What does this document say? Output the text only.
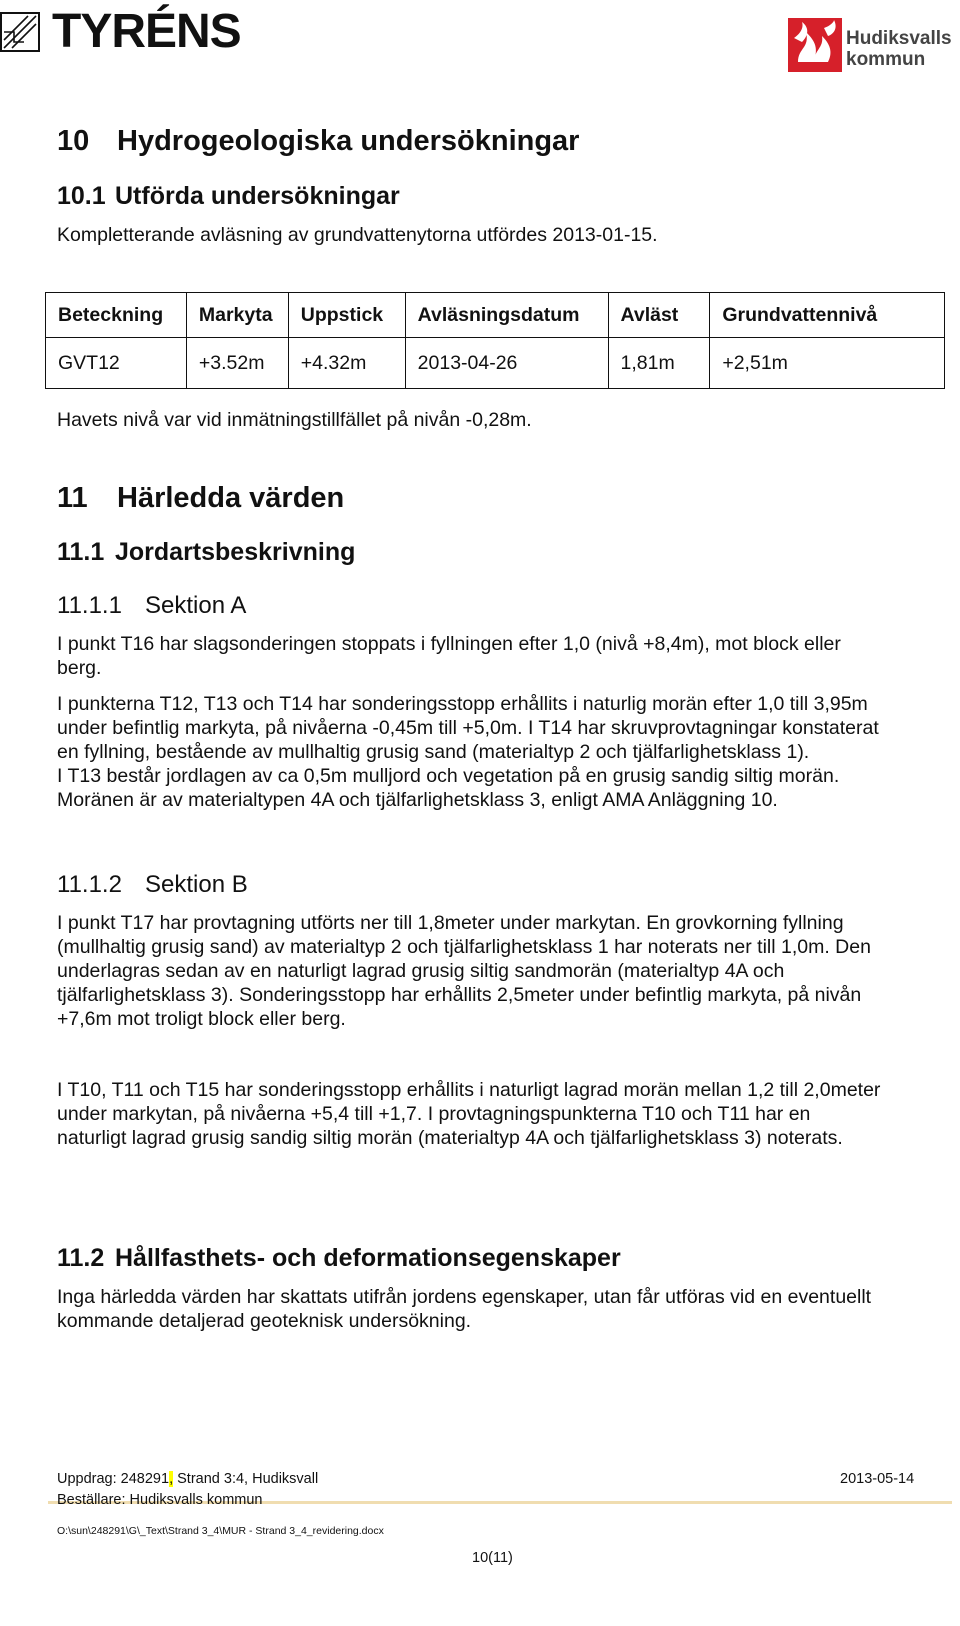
TYRÉNS	Hudiksvalls
kommun
10 Hydrogeologiska undersökningar
10.1 Utförda undersökningar
Kompletterande avläsning av grundvattenytorna utfördes 2013-01-15.
Beteckning	Markyta	Uppstick	Avläsningsdatum	Avläst	Grundvattennivå
GVT12	+3.52m	+4.32m	2013-04-26	1,81m	+2,51m
Havets nivå var vid inmätningstillfället på nivån -0,28m.
11 Härledda värden
11.1 Jordartsbeskrivning
11.1.1 Sektion A
I punkt T16 har slagsonderingen stoppats i fyllningen efter 1,0 (nivå +8,4m), mot block eller
berg.
I punkterna T12, T13 och T14 har sonderingsstopp erhållits i naturlig morän efter 1,0 till 3,95m
under befintlig markyta, på nivåerna -0,45m till +5,0m. I T14 har skruvprovtagningar konstaterat
en fyllning, bestående av mullhaltig grusig sand (materialtyp 2 och tjälfarlighetsklass 1).
I T13 består jordlagen av ca 0,5m mulljord och vegetation på en grusig sandig siltig morän.
Moränen är av materialtypen 4A och tjälfarlighetsklass 3, enligt AMA Anläggning 10.
11.1.2 Sektion B
I punkt T17 har provtagning utförts ner till 1,8meter under markytan. En grovkorning fyllning
(mullhaltig grusig sand) av materialtyp 2 och tjälfarlighetsklass 1 har noterats ner till 1,0m. Den
underlagras sedan av en naturligt lagrad grusig siltig sandmorän (materialtyp 4A och
tjälfarlighetsklass 3). Sonderingsstopp har erhållits 2,5meter under befintlig markyta, på nivån
+7,6m mot troligt block eller berg.
I T10, T11 och T15 har sonderingsstopp erhållits i naturligt lagrad morän mellan 1,2 till 2,0meter
under markytan, på nivåerna +5,4 till +1,7. I provtagningspunkterna T10 och T11 har en
naturligt lagrad grusig sandig siltig morän (materialtyp 4A och tjälfarlighetsklass 3) noterats.
11.2 Hållfasthets- och deformationsegenskaper
Inga härledda värden har skattats utifrån jordens egenskaper, utan får utföras vid en eventuellt
kommande detaljerad geoteknisk undersökning.
Uppdrag: 248291, Strand 3:4, Hudiksvall	2013-05-14
Beställare: Hudiksvalls kommun
O:\sun\248291\G\_Text\Strand 3_4\MUR - Strand 3_4_revidering.docx
10(11)
